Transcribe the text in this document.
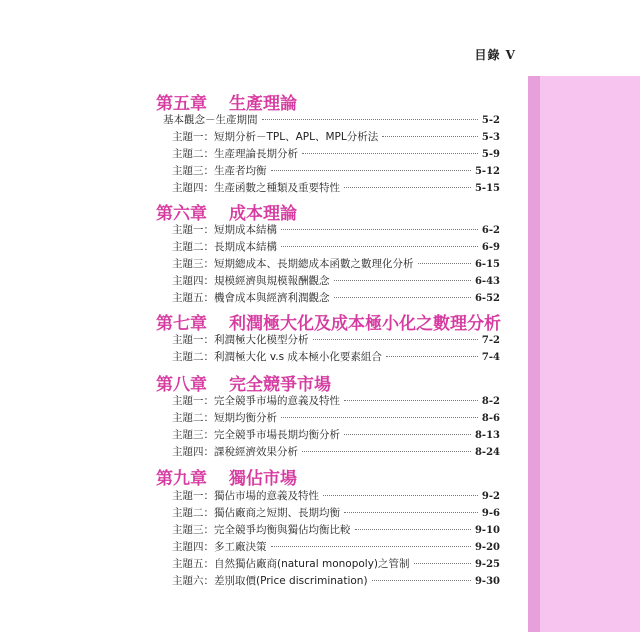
目錄 V
第五章 生產理論
基本觀念－生產期間	5-2
主題一：短期分析－TPL、APL、MPL分析法	5-3
主題二：生產理論長期分析	5-9
主題三：生產者均衡	5-12
主題四：生產函數之種類及重要特性	5-15
第六章 成本理論
主題一：短期成本結構	6-2
主題二：長期成本結構	6-9
主題三：短期總成本、長期總成本函數之數理化分析	6-15
主題四：規模經濟與規模報酬觀念	6-43
主題五：機會成本與經濟利潤觀念	6-52
第七章 利潤極大化及成本極小化之數理分析
主題一：利潤極大化模型分析	7-2
主題二：利潤極大化 v.s 成本極小化要素組合	7-4
第八章 完全競爭市場
主題一：完全競爭市場的意義及特性	8-2
主題二：短期均衡分析	8-6
主題三：完全競爭市場長期均衡分析	8-13
主題四：課稅經濟效果分析	8-24
第九章 獨佔市場
主題一：獨佔市場的意義及特性	9-2
主題二：獨佔廠商之短期、長期均衡	9-6
主題三：完全競爭均衡與獨佔均衡比較	9-10
主題四：多工廠決策	9-20
主題五：自然獨佔廠商(natural monopoly)之管制	9-25
主題六：差別取價(Price discrimination)	9-30
